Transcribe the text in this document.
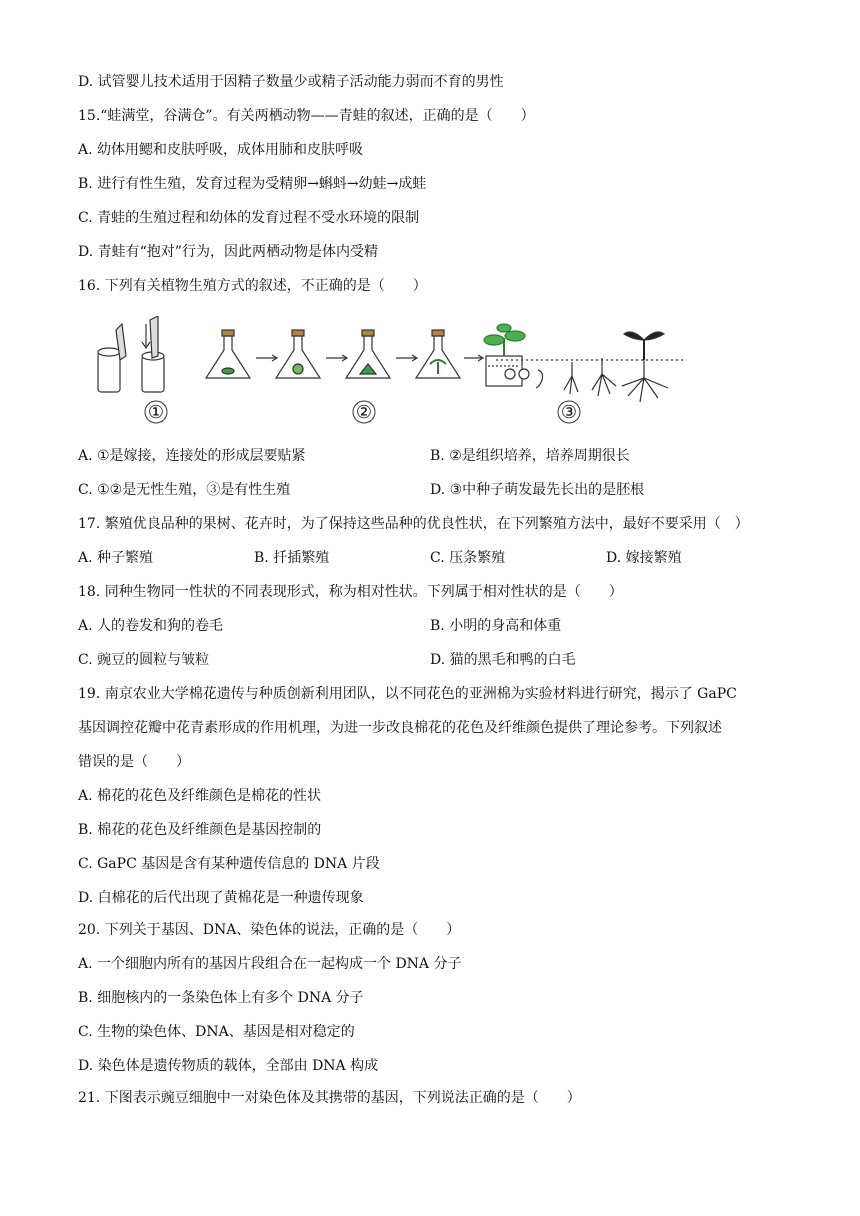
D. 试管婴儿技术适用于因精子数量少或精子活动能力弱而不育的男性
15.“蛙满堂，谷满仓”。有关两栖动物——青蛙的叙述，正确的是（　　）
A. 幼体用鳃和皮肤呼吸，成体用肺和皮肤呼吸
B. 进行有性生殖，发育过程为受精卵→蝌蚪→幼蛙→成蛙
C. 青蛙的生殖过程和幼体的发育过程不受水环境的限制
D. 青蛙有“抱对”行为，因此两栖动物是体内受精
16. 下列有关植物生殖方式的叙述，不正确的是（　　）
①	②	③
A. ①是嫁接，连接处的形成层要贴紧	B. ②是组织培养，培养周期很长
C. ①②是无性生殖，③是有性生殖	D. ③中种子萌发最先长出的是胚根
17. 繁殖优良品种的果树、花卉时，为了保持这些品种的优良性状，在下列繁殖方法中，最好不要采用（　）
A. 种子繁殖	B. 扦插繁殖	C. 压条繁殖	D. 嫁接繁殖
18. 同种生物同一性状的不同表现形式，称为相对性状。下列属于相对性状的是（　　）
A. 人的卷发和狗的卷毛	B. 小明的身高和体重
C. 豌豆的圆粒与皱粒	D. 猫的黑毛和鸭的白毛
19. 南京农业大学棉花遗传与种质创新利用团队，以不同花色的亚洲棉为实验材料进行研究，揭示了 GaPC
基因调控花瓣中花青素形成的作用机理，为进一步改良棉花的花色及纤维颜色提供了理论参考。下列叙述
错误的是（　　）
A. 棉花的花色及纤维颜色是棉花的性状
B. 棉花的花色及纤维颜色是基因控制的
C. GaPC 基因是含有某种遗传信息的 DNA 片段
D. 白棉花的后代出现了黄棉花是一种遗传现象
20. 下列关于基因、DNA、染色体的说法，正确的是（　　）
A. 一个细胞内所有的基因片段组合在一起构成一个 DNA 分子
B. 细胞核内的一条染色体上有多个 DNA 分子
C. 生物的染色体、DNA、基因是相对稳定的
D. 染色体是遗传物质的载体，全部由 DNA 构成
21. 下图表示豌豆细胞中一对染色体及其携带的基因，下列说法正确的是（　　）
